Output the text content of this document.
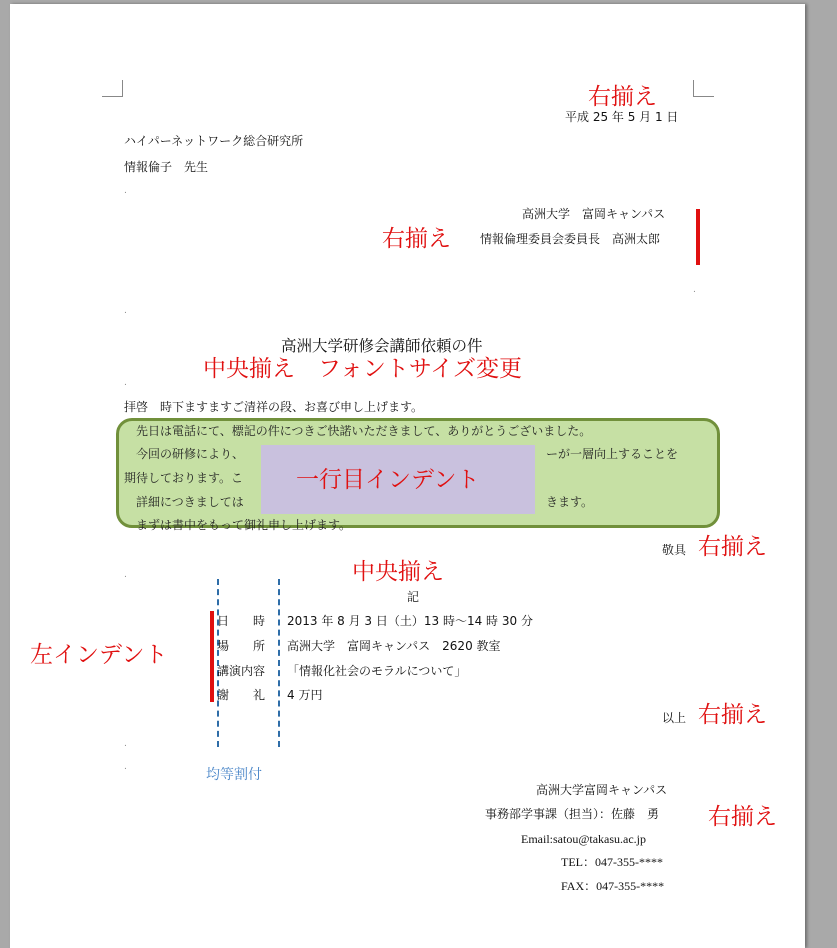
平成 25 年 5 月 1 日
右揃え
ハイパーネットワーク総合研究所
情報倫子　先生
.
高洲大学　富岡キャンパス
情報倫理委員会委員長　高洲太郎
右揃え
.
.
高洲大学研修会講師依頼の件
中央揃え　フォントサイズ変更
.
拝啓　時下ますますご清祥の段、お喜び申し上げます。
先日は電話にて、標記の件につきご快諾いただきまして、ありがとうございました。
今回の研修により、	ーが一層向上することを
期待しております。こ
詳細につきましては	きます。
まずは書中をもって御礼申し上げます。
一行目インデント
敬具 右揃え
.	中央揃え
記
日　　時 2013 年 8 月 3 日（土）13 時～14 時 30 分
場　　所 高洲大学　富岡キャンパス　2620 教室
講演内容 「情報化社会のモラルについて」
謝　　礼 4 万円
左インデント
以上 右揃え
.
.	均等割付
高洲大学富岡キャンパス
事務部学事課（担当）：佐藤　勇 右揃え
Email:satou@takasu.ac.jp
TEL：047-355-****
FAX：047-355-****
